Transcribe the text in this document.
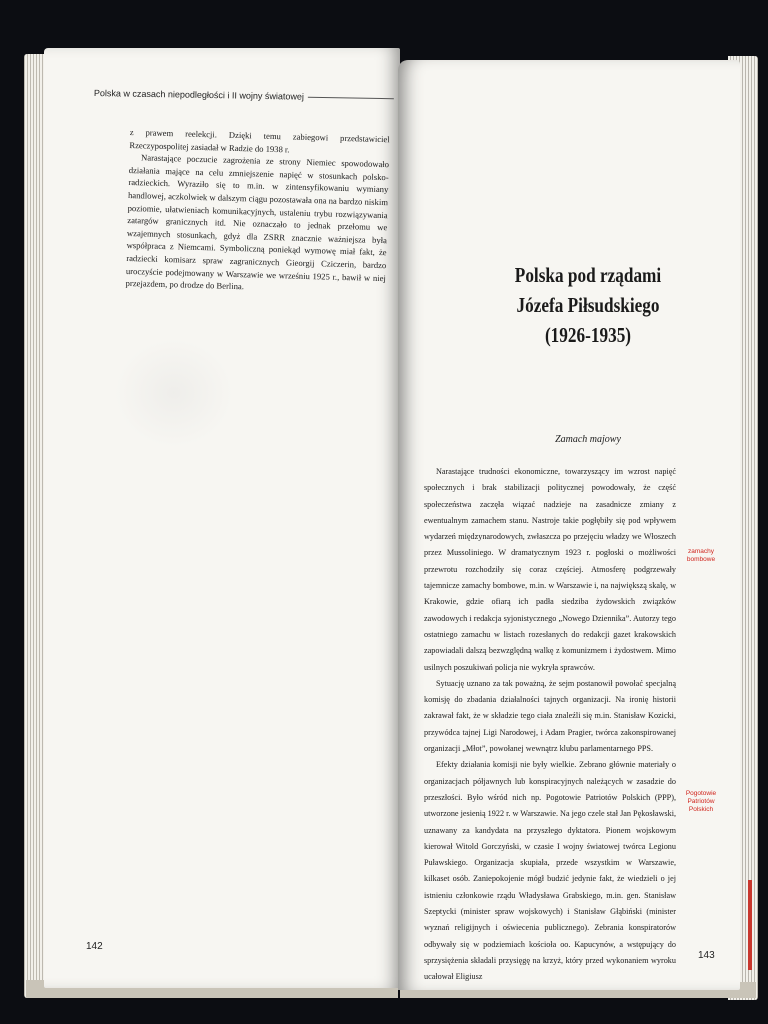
Polska w czasach niepodległości i II wojny światowej

z prawem reelekcji. Dzięki temu zabiegowi przedstawiciel Rzeczypospolitej zasiadał w Radzie do 1938 r.

Narastające poczucie zagrożenia ze strony Niemiec spowodowało działania mające na celu zmniejszenie napięć w stosunkach polsko-radzieckich. Wyraziło się to m.in. w zintensyfikowaniu wymiany handlowej, aczkolwiek w dalszym ciągu pozostawała ona na bardzo niskim poziomie, ułatwieniach komunikacyjnych, ustaleniu trybu rozwiązywania zatargów granicznych itd. Nie oznaczało to jednak przełomu we wzajemnych stosunkach, gdyż dla ZSRR znacznie ważniejsza była współpraca z Niemcami. Symboliczną poniekąd wymowę miał fakt, że radziecki komisarz spraw zagranicznych Gieorgij Cziczerin, bardzo uroczyście podejmowany w Warszawie we wrześniu 1925 r., bawił w niej przejazdem, po drodze do Berlina.

142
Polska pod rządami
Józefa Piłsudskiego
(1926-1935)
Zamach majowy

Narastające trudności ekonomiczne, towarzyszący im wzrost napięć społecznych i brak stabilizacji politycznej powodowały, że część społeczeństwa zaczęła wiązać nadzieje na zasadnicze zmiany z ewentualnym zamachem stanu. Nastroje takie pogłębiły się pod wpływem wydarzeń międzynarodowych, zwłaszcza po przejęciu władzy we Włoszech przez Mussoliniego. W dramatycznym 1923 r. pogłoski o możliwości przewrotu rozchodziły się coraz częściej. Atmosferę podgrzewały tajemnicze zamachy bombowe, m.in. w Warszawie i, na największą skalę, w Krakowie, gdzie ofiarą ich padła siedziba żydowskich związków zawodowych i redakcja syjonistycznego „Nowego Dziennika”. Autorzy tego ostatniego zamachu w listach rozesłanych do redakcji gazet krakowskich zapowiadali dalszą bezwzględną walkę z komunizmem i żydostwem. Mimo usilnych poszukiwań policja nie wykryła sprawców.

Sytuację uznano za tak poważną, że sejm postanowił powołać specjalną komisję do zbadania działalności tajnych organizacji. Na ironię historii zakrawał fakt, że w składzie tego ciała znaleźli się m.in. Stanisław Kozicki, przywódca tajnej Ligi Narodowej, i Adam Pragier, twórca zakonspirowanej organizacji „Młot”, powołanej wewnątrz klubu parlamentarnego PPS.

Efekty działania komisji nie były wielkie. Zebrano głównie materiały o organizacjach półjawnych lub konspiracyjnych należących w zasadzie do przeszłości. Było wśród nich np. Pogotowie Patriotów Polskich (PPP), utworzone jesienią 1922 r. w Warszawie. Na jego czele stał Jan Pękosławski, uznawany za kandydata na przyszłego dyktatora. Pionem wojskowym kierował Witold Gorczyński, w czasie I wojny światowej twórca Legionu Puławskiego. Organizacja skupiała, przede wszystkim w Warszawie, kilkaset osób. Zaniepokojenie mógł budzić jedynie fakt, że wiedzieli o jej istnieniu członkowie rządu Władysława Grabskiego, m.in. gen. Stanisław Szeptycki (minister spraw wojskowych) i Stanisław Głąbiński (minister wyznań religijnych i oświecenia publicznego). Zebrania konspiratorów odbywały się w podziemiach kościoła oo. Kapucynów, a wstępujący do sprzysiężenia składali przysięgę na krzyż, który przed wykonaniem wyroku ucałował Eligiusz

zamachy
bombowe
Pogotowie
Patriotów
Polskich
143
